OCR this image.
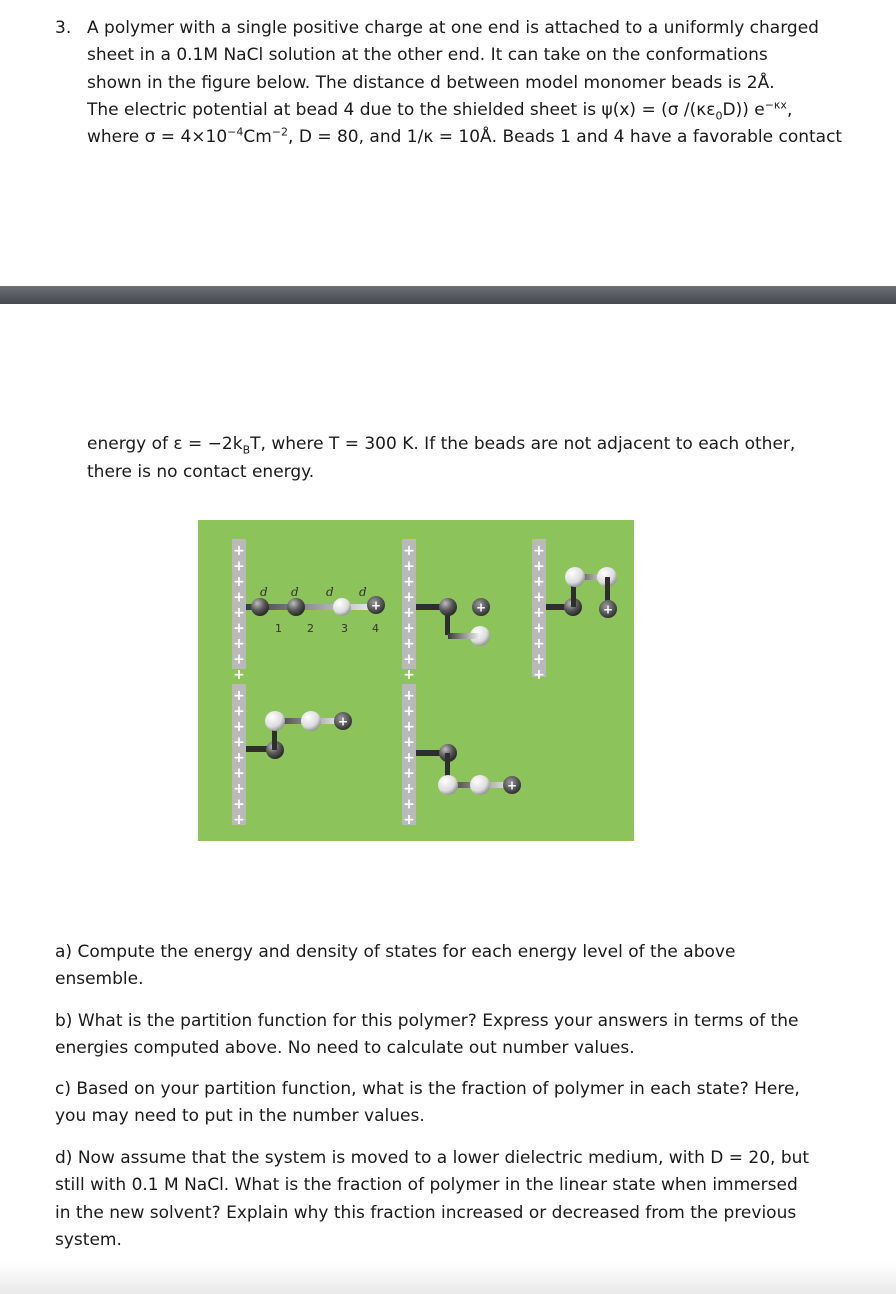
3. A polymer with a single positive charge at one end is attached to a uniformly charged
sheet in a 0.1M NaCl solution at the other end. It can take on the conformations
shown in the figure below. The distance d between model monomer beads is 2Å.
The electric potential at bead 4 due to the shielded sheet is ψ(x) = (σ $/(\kappa\varepsilon_0D)$) $e^{-\kappa x}$,
where $\sigma = 4\times 10^{-4}Cm^{-2}$, D = 80, and 1/κ = 10Å. Beads 1 and 4 have a favorable contact
energy of $\varepsilon = -2k_BT$, where T = 300 K. If the beads are not adjacent to each other,
there is no contact energy.
+
+
+
+
+
+
+
+
+
+
+
+
+
+
+
+
+
+
+
+
+
+
+
+
+
+
+
+
+
+
+
+
+
+
+
+
+
+
+
+
+
+
+
+
+
+
d d d d
1 2 3 4
+	+
+
+
a) Compute the energy and density of states for each energy level of the above
ensemble.
b) What is the partition function for this polymer? Express your answers in terms of the
energies computed above. No need to calculate out number values.
c) Based on your partition function, what is the fraction of polymer in each state? Here,
you may need to put in the number values.
d) Now assume that the system is moved to a lower dielectric medium, with D = 20, but
still with 0.1 M NaCl. What is the fraction of polymer in the linear state when immersed
in the new solvent? Explain why this fraction increased or decreased from the previous
system.
